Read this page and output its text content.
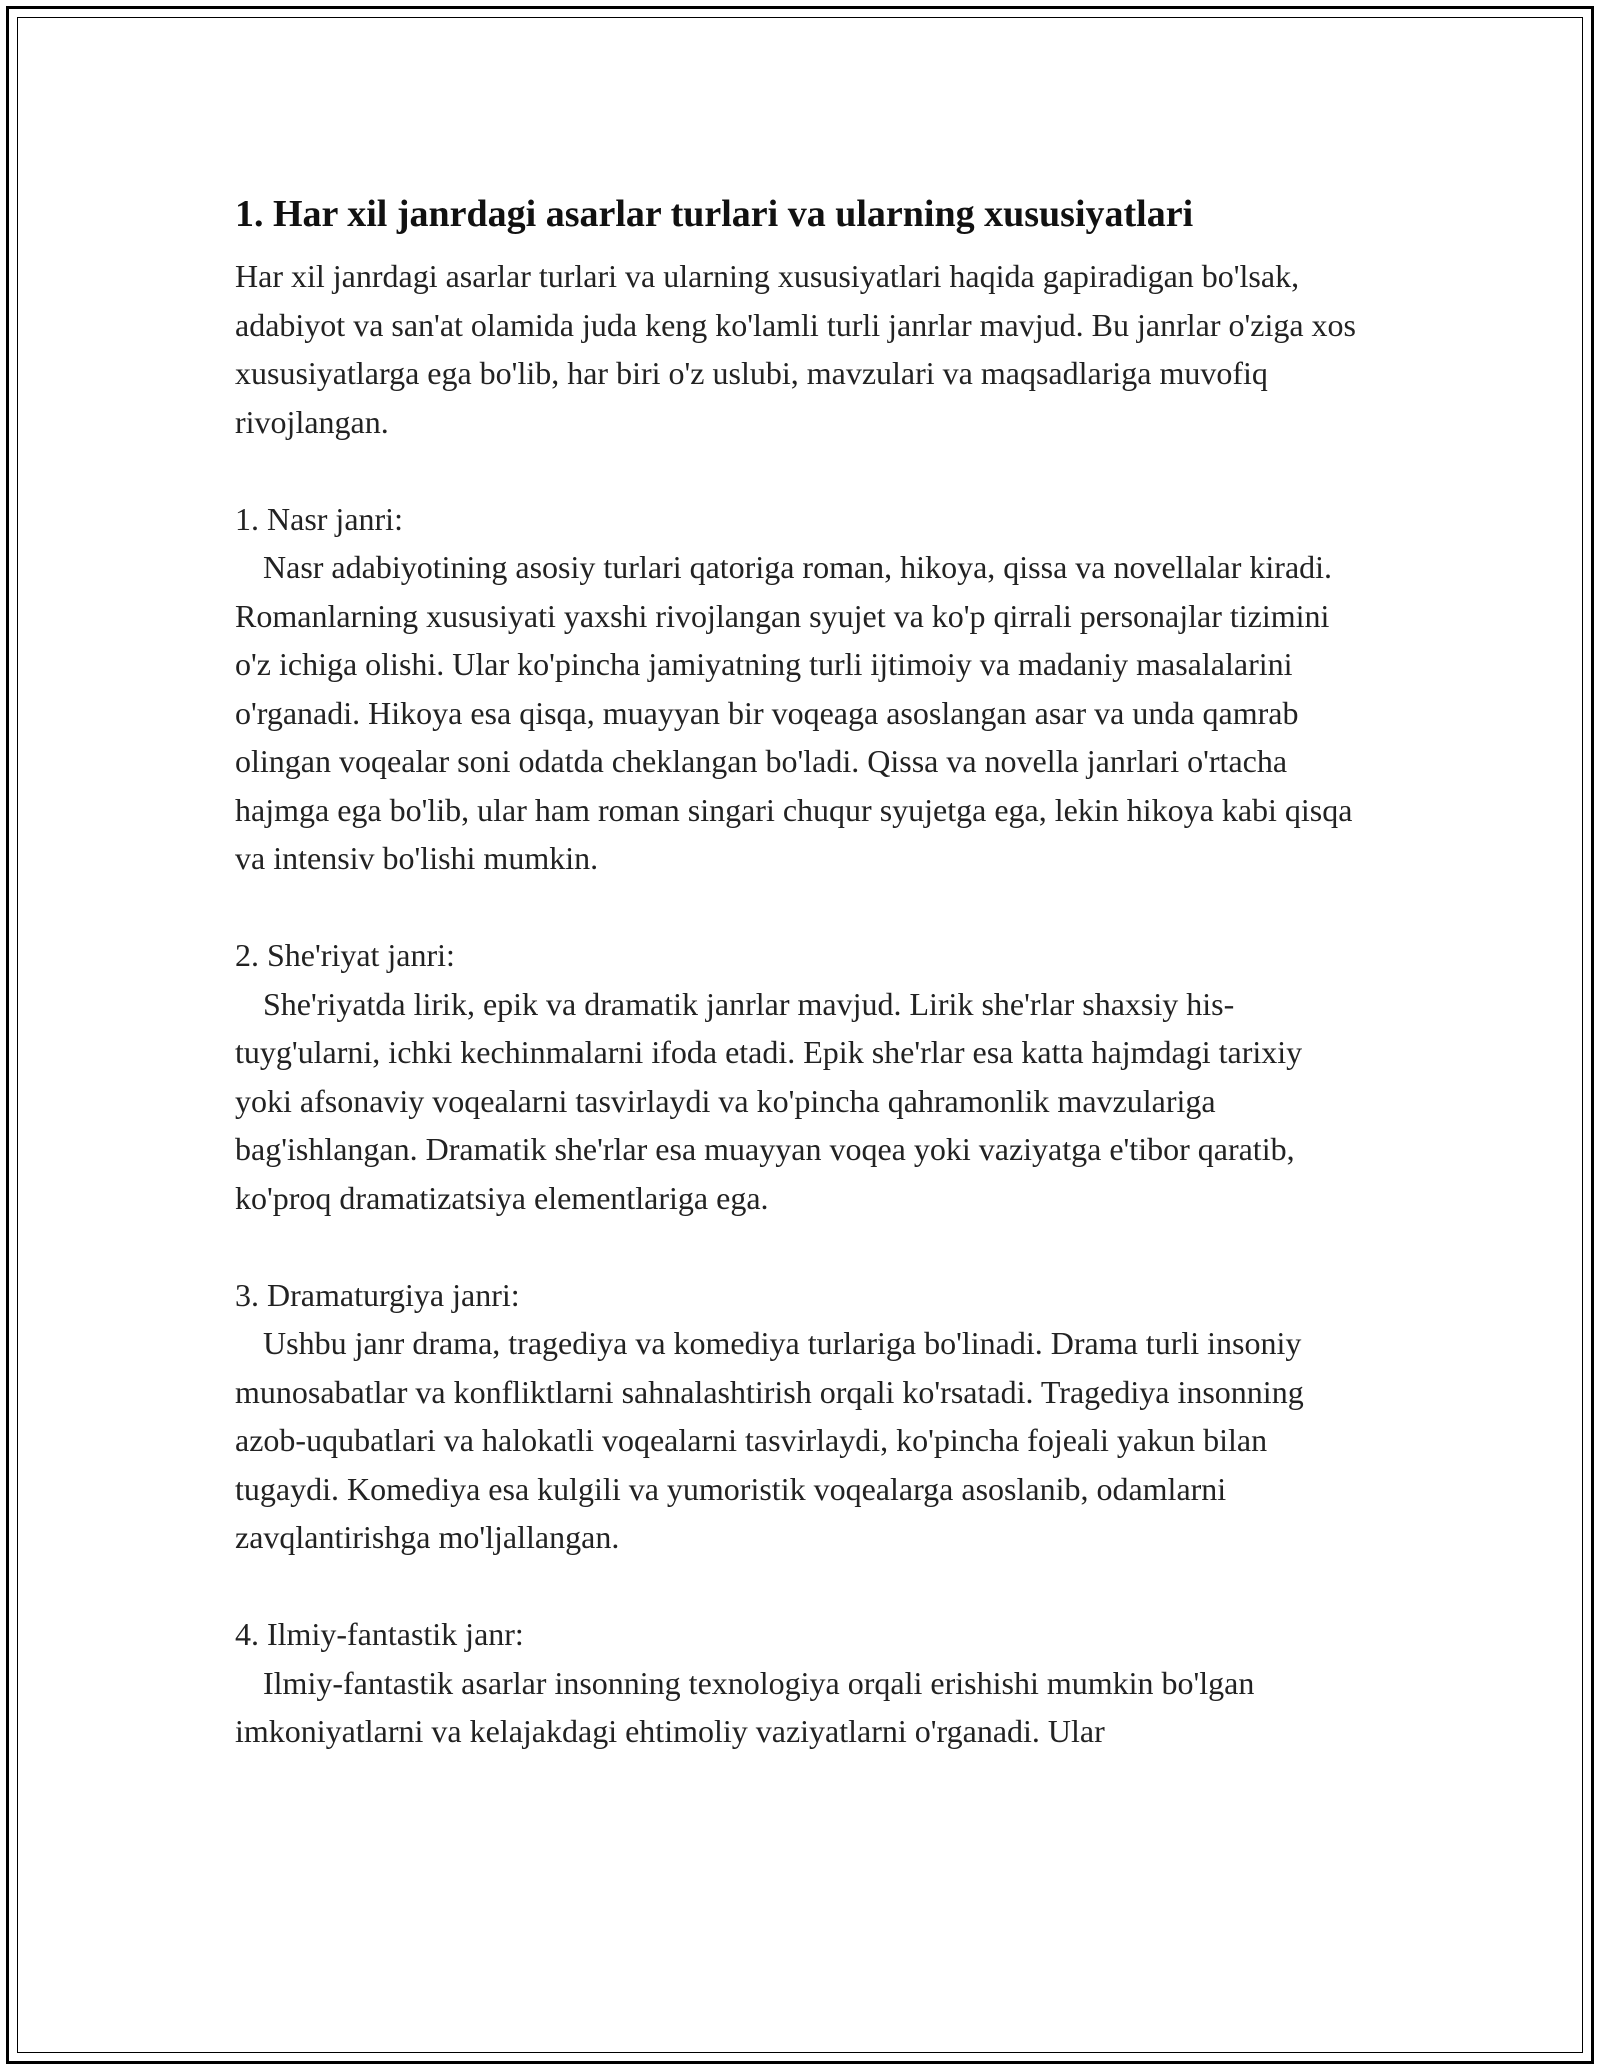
1. Har xil janrdagi asarlar turlari va ularning xususiyatlari

Har xil janrdagi asarlar turlari va ularning xususiyatlari haqida gapiradigan bo'lsak, adabiyot va san'at olamida juda keng ko'lamli turli janrlar mavjud. Bu janrlar o'ziga xos xususiyatlarga ega bo'lib, har biri o'z uslubi, mavzulari va maqsadlariga muvofiq rivojlangan.

1. Nasr janri:

Nasr adabiyotining asosiy turlari qatoriga roman, hikoya, qissa va novellalar kiradi. Romanlarning xususiyati yaxshi rivojlangan syujet va ko'p qirrali personajlar tizimini o'z ichiga olishi. Ular ko'pincha jamiyatning turli ijtimoiy va madaniy masalalarini o'rganadi. Hikoya esa qisqa, muayyan bir voqeaga asoslangan asar va unda qamrab olingan voqealar soni odatda cheklangan bo'ladi. Qissa va novella janrlari o'rtacha hajmga ega bo'lib, ular ham roman singari chuqur syujetga ega, lekin hikoya kabi qisqa va intensiv bo'lishi mumkin.

2. She'riyat janri:

She'riyatda lirik, epik va dramatik janrlar mavjud. Lirik she'rlar shaxsiy his-tuyg'ularni, ichki kechinmalarni ifoda etadi. Epik she'rlar esa katta hajmdagi tarixiy yoki afsonaviy voqealarni tasvirlaydi va ko'pincha qahramonlik mavzulariga bag'ishlangan. Dramatik she'rlar esa muayyan voqea yoki vaziyatga e'tibor qaratib, ko'proq dramatizatsiya elementlariga ega.

3. Dramaturgiya janri:

Ushbu janr drama, tragediya va komediya turlariga bo'linadi. Drama turli insoniy munosabatlar va konfliktlarni sahnalashtirish orqali ko'rsatadi. Tragediya insonning azob-uqubatlari va halokatli voqealarni tasvirlaydi, ko'pincha fojeali yakun bilan tugaydi. Komediya esa kulgili va yumoristik voqealarga asoslanib, odamlarni zavqlantirishga mo'ljallangan.

4. Ilmiy-fantastik janr:

Ilmiy-fantastik asarlar insonning texnologiya orqali erishishi mumkin bo'lgan imkoniyatlarni va kelajakdagi ehtimoliy vaziyatlarni o'rganadi. Ular
